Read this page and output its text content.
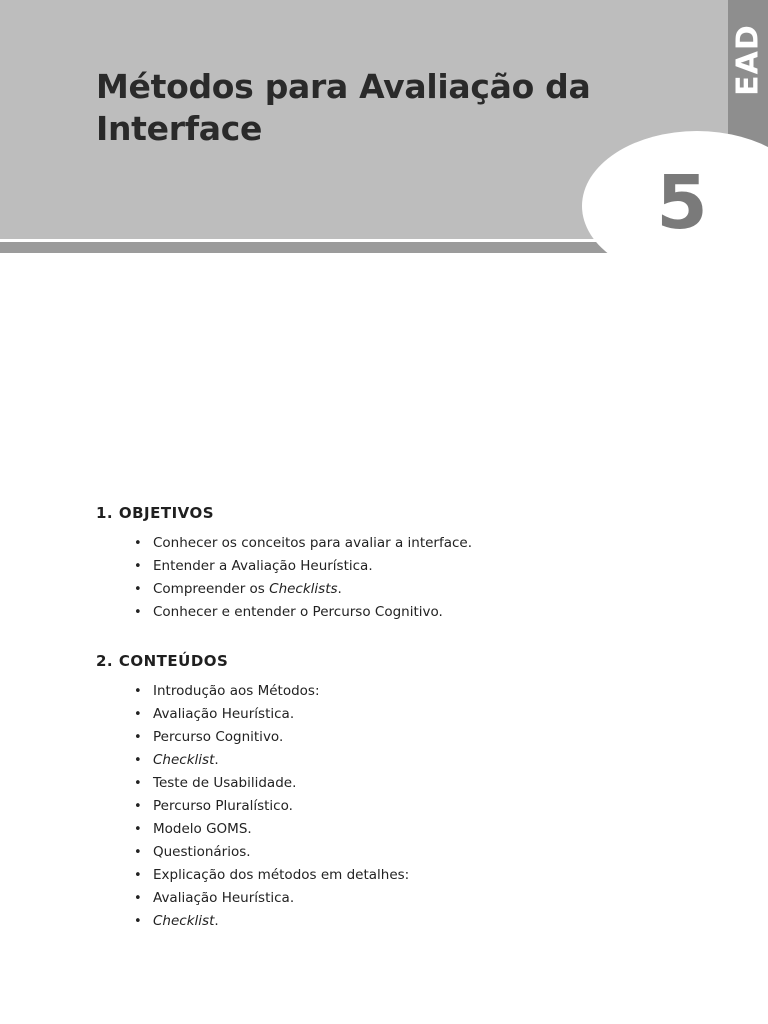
EAD
5
Métodos para Avaliação da Interface
1. OBJETIVOS
• Conhecer os conceitos para avaliar a interface.
• Entender a Avaliação Heurística.
• Compreender os Checklists.
• Conhecer e entender o Percurso Cognitivo.
2. CONTEÚDOS
• Introdução aos Métodos:
• Avaliação Heurística.
• Percurso Cognitivo.
• Checklist.
• Teste de Usabilidade.
• Percurso Pluralístico.
• Modelo GOMS.
• Questionários.
• Explicação dos métodos em detalhes:
• Avaliação Heurística.
• Checklist.
